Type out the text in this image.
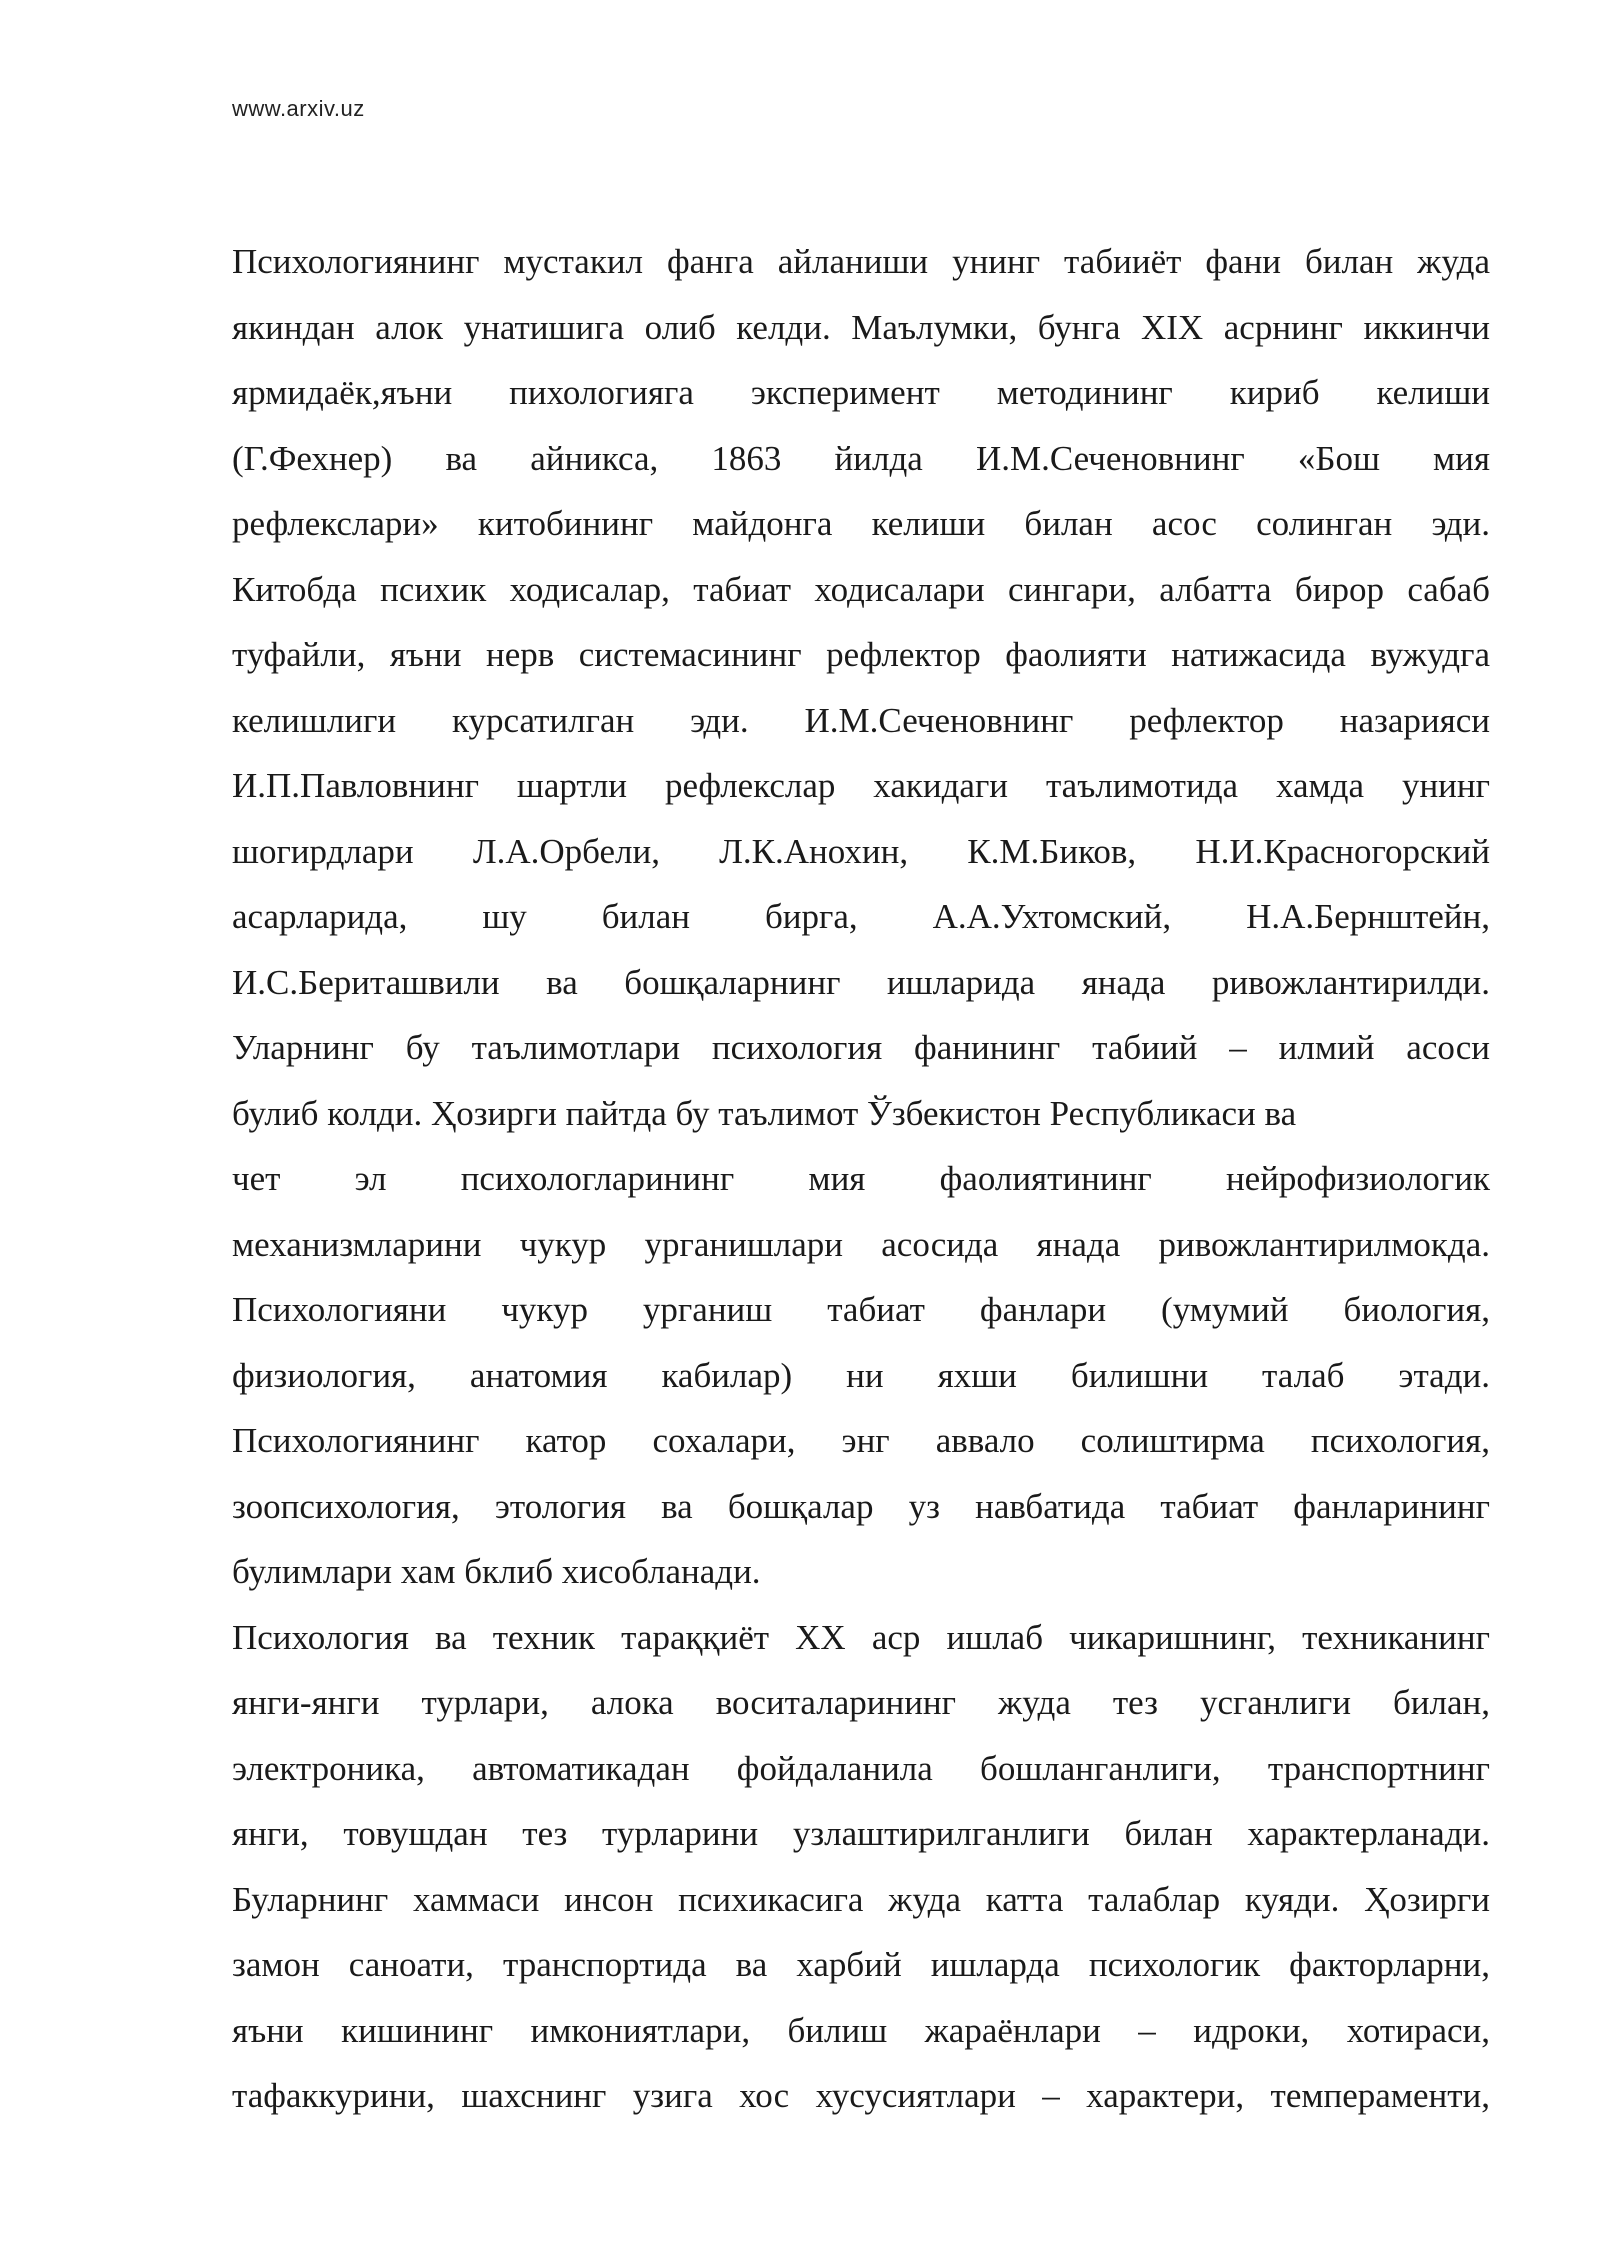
www.arxiv.uz

Психологиянинг мустакил фанга айланиши унинг табииёт фани билан жуда
якиндан алок унатишига олиб келди. Маълумки, бунга XIX асрнинг иккинчи
ярмидаёк,яъни пихологияга эксперимент методининг кириб келиши
(Г.Фехнер) ва айникса, 1863 йилда И.М.Сеченовнинг «Бош мия
рефлекслари» китобининг майдонга келиши билан асос солинган эди.
Китобда психик ходисалар, табиат ходисалари сингари, албатта бирор сабаб
туфайли, яъни нерв системасининг рефлектор фаолияти натижасида вужудга
келишлиги курсатилган эди. И.М.Сеченовнинг рефлектор назарияси
И.П.Павловнинг шартли рефлекслар хакидаги таълимотида хамда унинг
шогирдлари Л.А.Орбели, Л.К.Анохин, К.М.Биков, Н.И.Красногорский
асарларида, шу билан бирга, А.А.Ухтомский, Н.А.Бернштейн,
И.С.Бериташвили ва бошқаларнинг ишларида янада ривожлантирилди.
Уларнинг бу таълимотлари психология фанининг табиий – илмий асоси
булиб колди. Ҳозирги пайтда бу таълимот Ўзбекистон Республикаси ва
чет эл психологларининг мия фаолиятининг нейрофизиологик
механизмларини чукур урганишлари асосида янада ривожлантирилмокда.
Психологияни чукур урганиш табиат фанлари (умумий биология,
физиология, анатомия кабилар) ни яхши билишни талаб этади.
Психологиянинг катор сохалари, энг аввало солиштирма психология,
зоопсихология, этология ва бошқалар уз навбатида табиат фанларининг
булимлари хам бклиб хисобланади.

Психология ва техник тараққиёт XX аср ишлаб чикаришнинг, техниканинг
янги-янги турлари, алока воситаларининг жуда тез усганлиги билан,
электроника, автоматикадан фойдаланила бошланганлиги, транспортнинг
янги, товушдан тез турларини узлаштирилганлиги билан характерланади.
Буларнинг хаммаси инсон психикасига жуда катта талаблар куяди. Ҳозирги
замон саноати, транспортида ва харбий ишларда психологик факторларни,
яъни кишининг имкониятлари, билиш жараёнлари – идроки, хотираси,
тафаккурини, шахснинг узига хос хусусиятлари – характери, темпераменти,
